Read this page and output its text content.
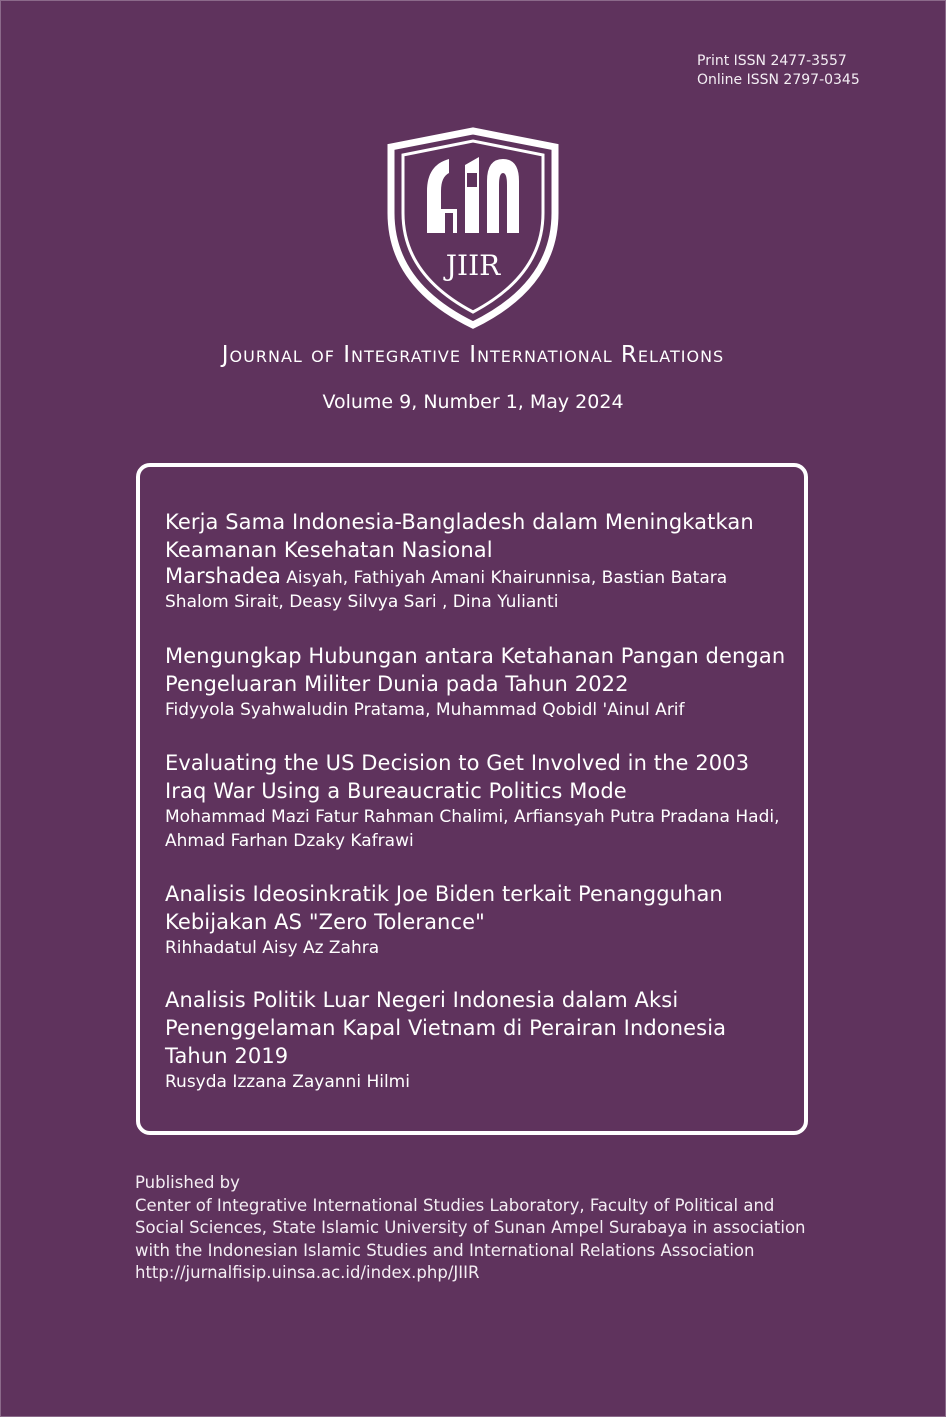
Print ISSN 2477-3557
Online ISSN 2797-0345
JIIR
Journal of Integrative International Relations
Volume 9, Number 1, May 2024
Kerja Sama Indonesia-Bangladesh dalam Meningkatkan Keamanan Kesehatan Nasional
Marshadea Aisyah, Fathiyah Amani Khairunnisa, Bastian Batara Shalom Sirait, Deasy Silvya Sari , Dina Yulianti
Mengungkap Hubungan antara Ketahanan Pangan dengan Pengeluaran Militer Dunia pada Tahun 2022
Fidyyola Syahwaludin Pratama, Muhammad Qobidl 'Ainul Arif
Evaluating the US Decision to Get Involved in the 2003 Iraq War Using a Bureaucratic Politics Mode
Mohammad Mazi Fatur Rahman Chalimi, Arfiansyah Putra Pradana Hadi, Ahmad Farhan Dzaky Kafrawi
Analisis Ideosinkratik Joe Biden terkait Penangguhan Kebijakan AS "Zero Tolerance"
Rihhadatul Aisy Az Zahra
Analisis Politik Luar Negeri Indonesia dalam Aksi Penenggelaman Kapal Vietnam di Perairan Indonesia Tahun 2019
Rusyda Izzana Zayanni Hilmi
Published by
Center of Integrative International Studies Laboratory, Faculty of Political and
Social Sciences, State Islamic University of Sunan Ampel Surabaya in association
with the Indonesian Islamic Studies and International Relations Association
http://jurnalfisip.uinsa.ac.id/index.php/JIIR
